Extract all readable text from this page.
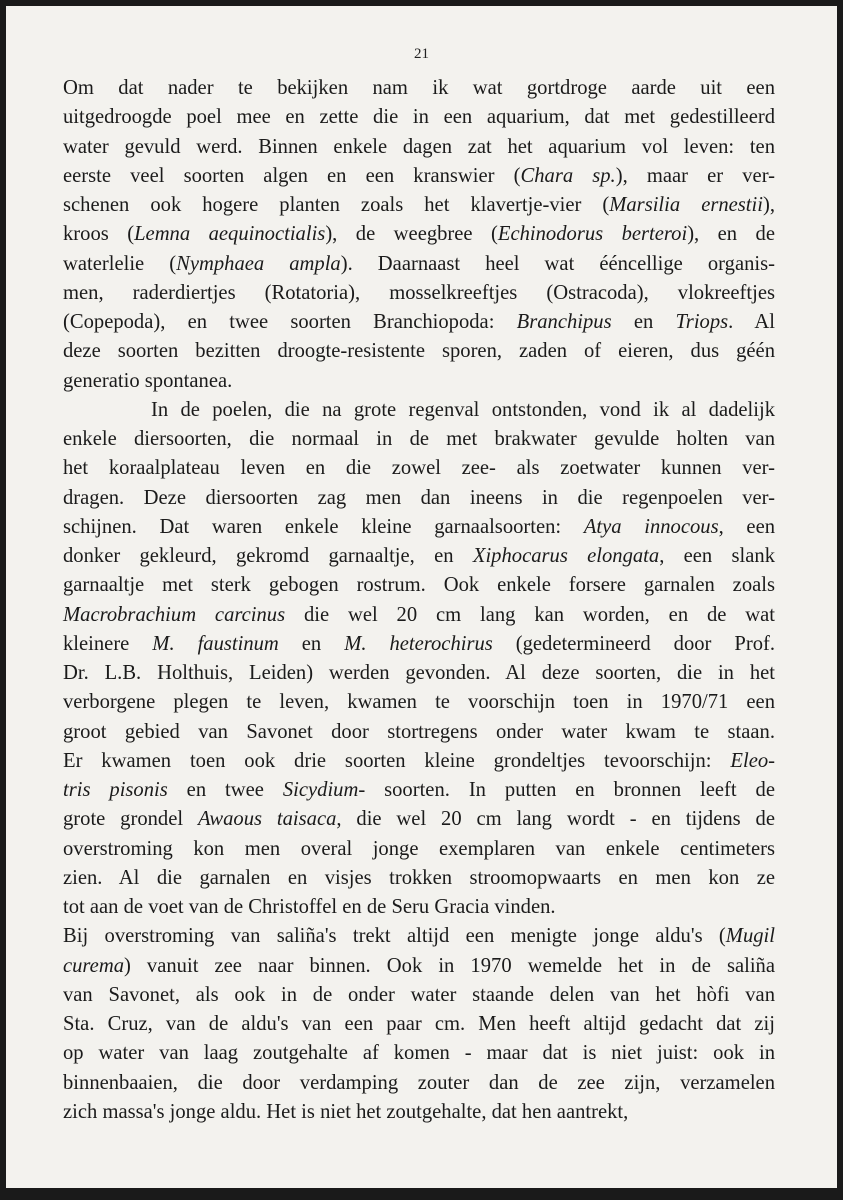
21
Om dat nader te bekijken nam ik wat gortdroge aarde uit een
uitgedroogde poel mee en zette die in een aquarium, dat met gedestilleerd
water gevuld werd. Binnen enkele dagen zat het aquarium vol leven: ten
eerste veel soorten algen en een kranswier (Chara sp.), maar er ver-
schenen ook hogere planten zoals het klavertje-vier (Marsilia ernestii),
kroos (Lemna aequinoctialis), de weegbree (Echinodorus berteroi), en de
waterlelie (Nymphaea ampla). Daarnaast heel wat ééncellige organis-
men, raderdiertjes (Rotatoria), mosselkreeftjes (Ostracoda), vlokreeftjes
(Copepoda), en twee soorten Branchiopoda: Branchipus en Triops. Al
deze soorten bezitten droogte-resistente sporen, zaden of eieren, dus géén
generatio spontanea.
In de poelen, die na grote regenval ontstonden, vond ik al dadelijk
enkele diersoorten, die normaal in de met brakwater gevulde holten van
het koraalplateau leven en die zowel zee- als zoetwater kunnen ver-
dragen. Deze diersoorten zag men dan ineens in die regenpoelen ver-
schijnen. Dat waren enkele kleine garnaalsoorten: Atya innocous, een
donker gekleurd, gekromd garnaaltje, en Xiphocarus elongata, een slank
garnaaltje met sterk gebogen rostrum. Ook enkele forsere garnalen zoals
Macrobrachium carcinus die wel 20 cm lang kan worden, en de wat
kleinere M. faustinum en M. heterochirus (gedetermineerd door Prof.
Dr. L.B. Holthuis, Leiden) werden gevonden. Al deze soorten, die in het
verborgene plegen te leven, kwamen te voorschijn toen in 1970/71 een
groot gebied van Savonet door stortregens onder water kwam te staan.
Er kwamen toen ook drie soorten kleine grondeltjes tevoorschijn: Eleo-
tris pisonis en twee Sicydium- soorten. In putten en bronnen leeft de
grote grondel Awaous taisaca, die wel 20 cm lang wordt - en tijdens de
overstroming kon men overal jonge exemplaren van enkele centimeters
zien. Al die garnalen en visjes trokken stroomopwaarts en men kon ze
tot aan de voet van de Christoffel en de Seru Gracia vinden.
Bij overstroming van saliña's trekt altijd een menigte jonge aldu's (Mugil
curema) vanuit zee naar binnen. Ook in 1970 wemelde het in de saliña
van Savonet, als ook in de onder water staande delen van het hòfi van
Sta. Cruz, van de aldu's van een paar cm. Men heeft altijd gedacht dat zij
op water van laag zoutgehalte af komen - maar dat is niet juist: ook in
binnenbaaien, die door verdamping zouter dan de zee zijn, verzamelen
zich massa's jonge aldu. Het is niet het zoutgehalte, dat hen aantrekt,
